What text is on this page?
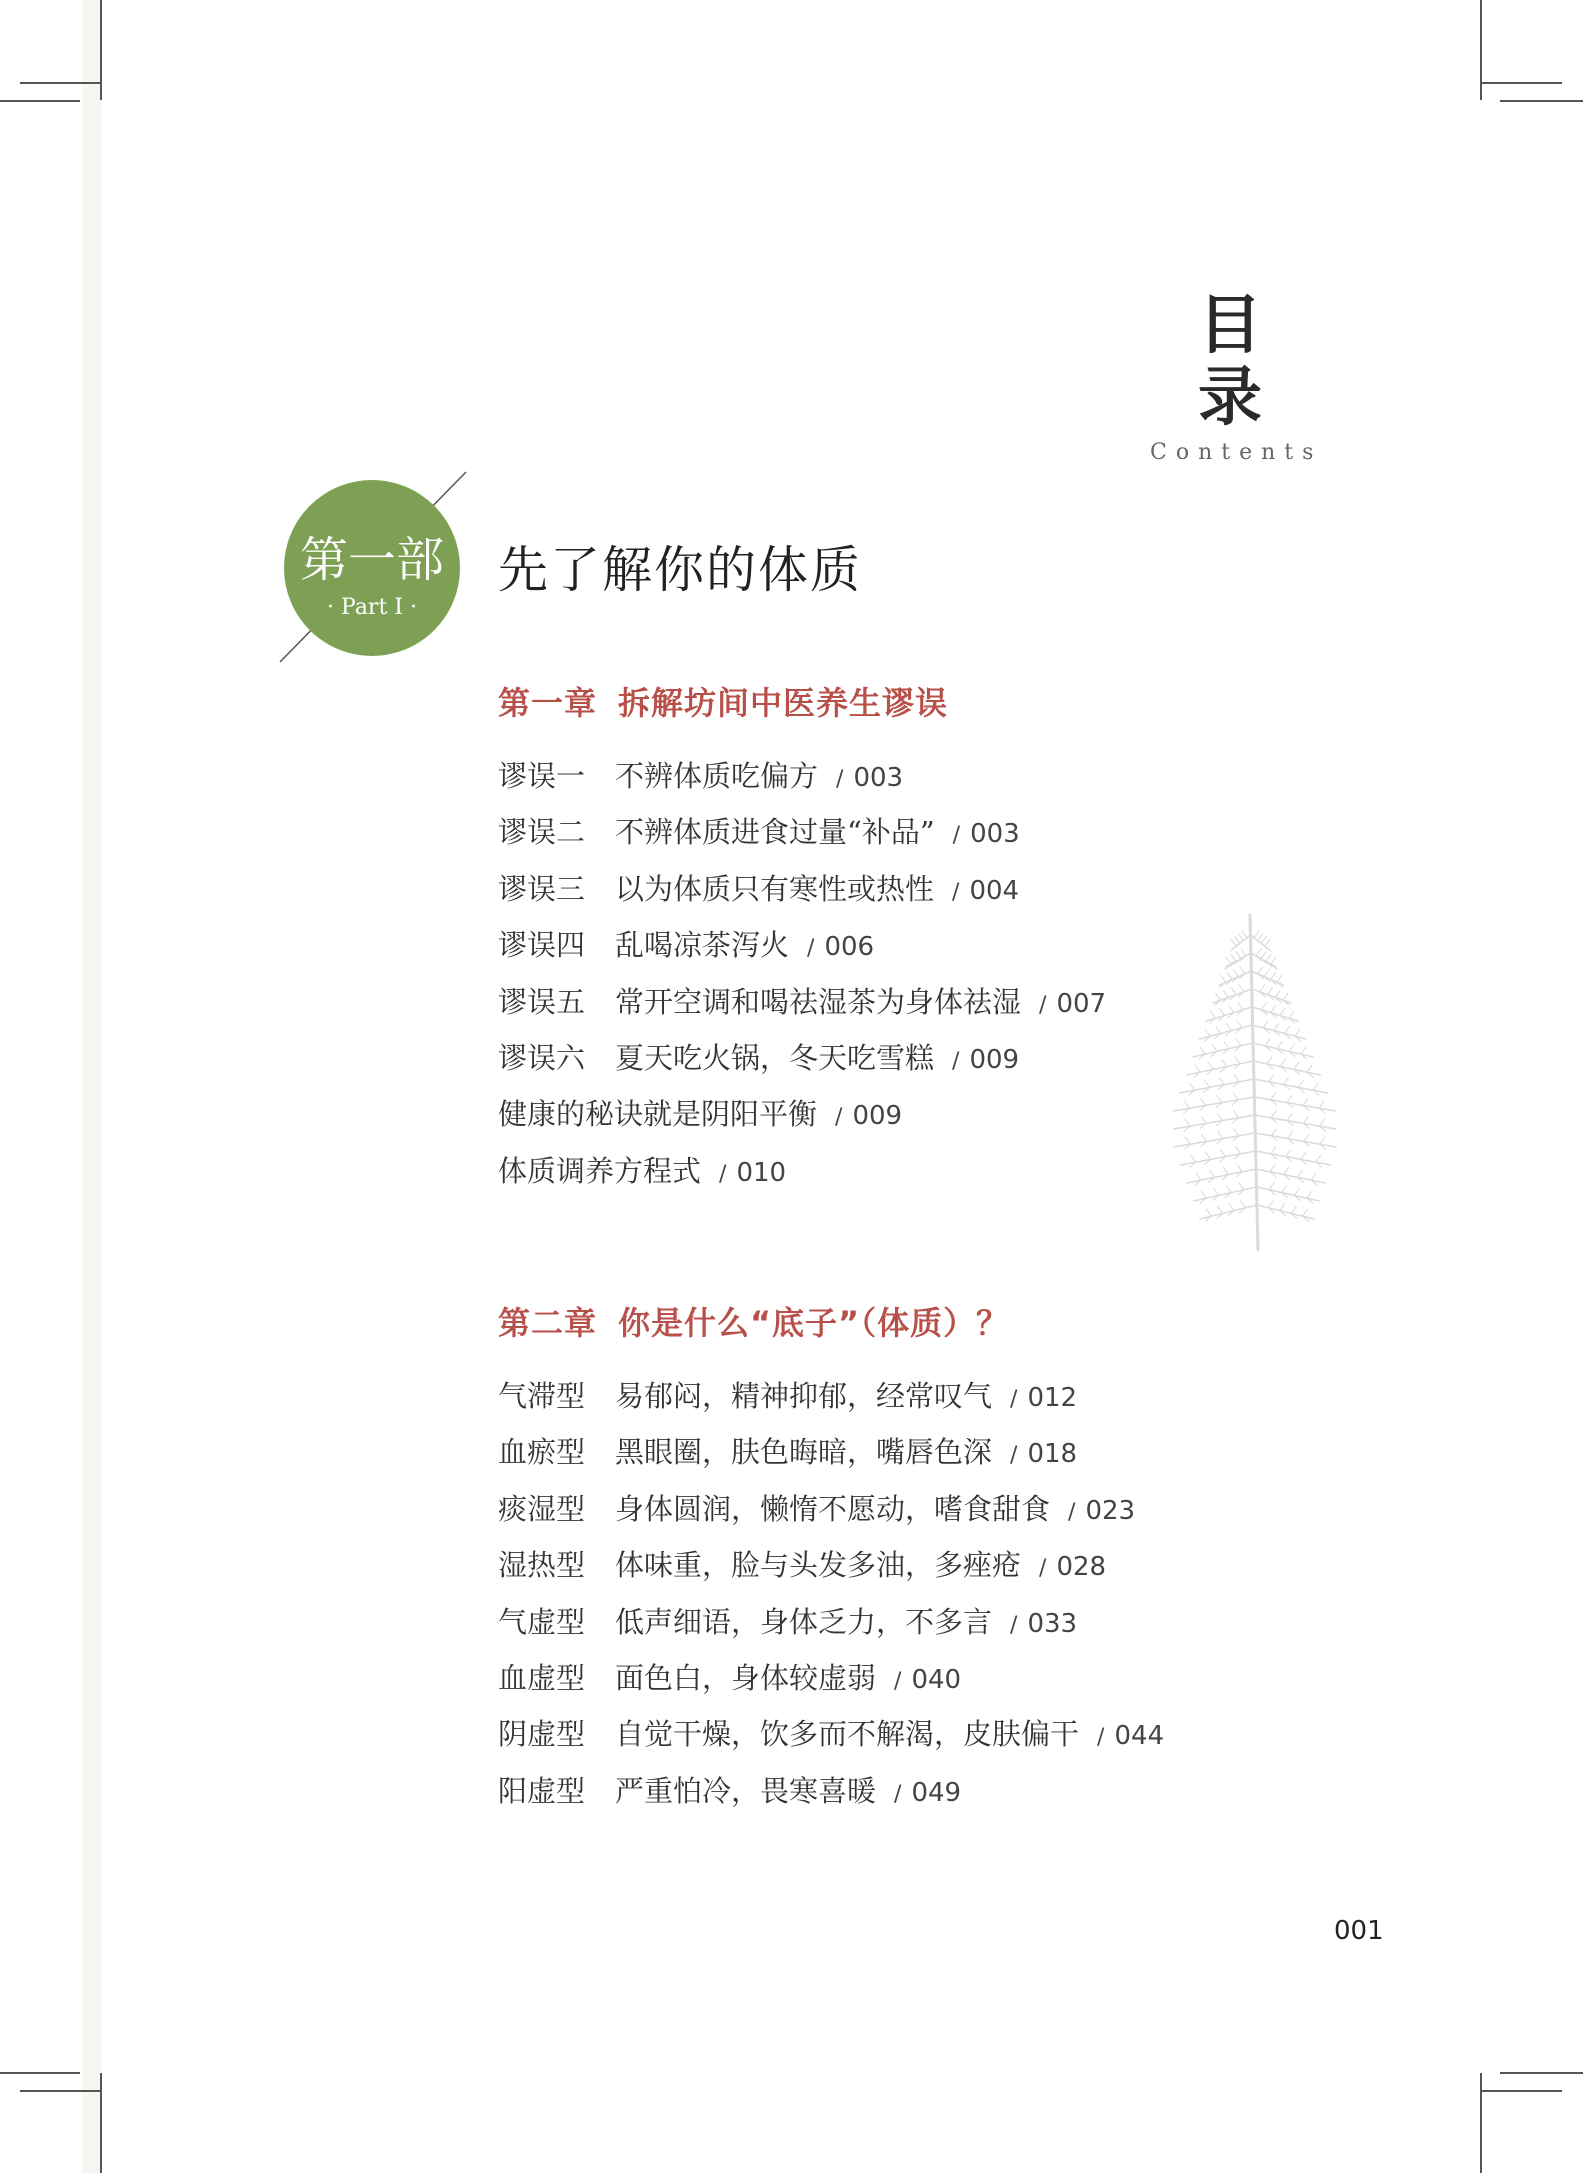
目录
Contents
第一部
· Part Ⅰ ·
先了解你的体质
第一章 拆解坊间中医养生谬误
谬误一 不辨体质吃偏方 / 003
谬误二 不辨体质进食过量“补品” / 003
谬误三 以为体质只有寒性或热性 / 004
谬误四 乱喝凉茶泻火 / 006
谬误五 常开空调和喝祛湿茶为身体祛湿 / 007
谬误六 夏天吃火锅，冬天吃雪糕 / 009
健康的秘诀就是阴阳平衡 / 009
体质调养方程式 / 010
第二章 你是什么“底子”（体质）？
气滞型 易郁闷，精神抑郁，经常叹气 / 012
血瘀型 黑眼圈，肤色晦暗，嘴唇色深 / 018
痰湿型 身体圆润，懒惰不愿动，嗜食甜食 / 023
湿热型 体味重，脸与头发多油，多痤疮 / 028
气虚型 低声细语，身体乏力，不多言 / 033
血虚型 面色白，身体较虚弱 / 040
阴虚型 自觉干燥，饮多而不解渴，皮肤偏干 / 044
阳虚型 严重怕冷，畏寒喜暖 / 049
001
